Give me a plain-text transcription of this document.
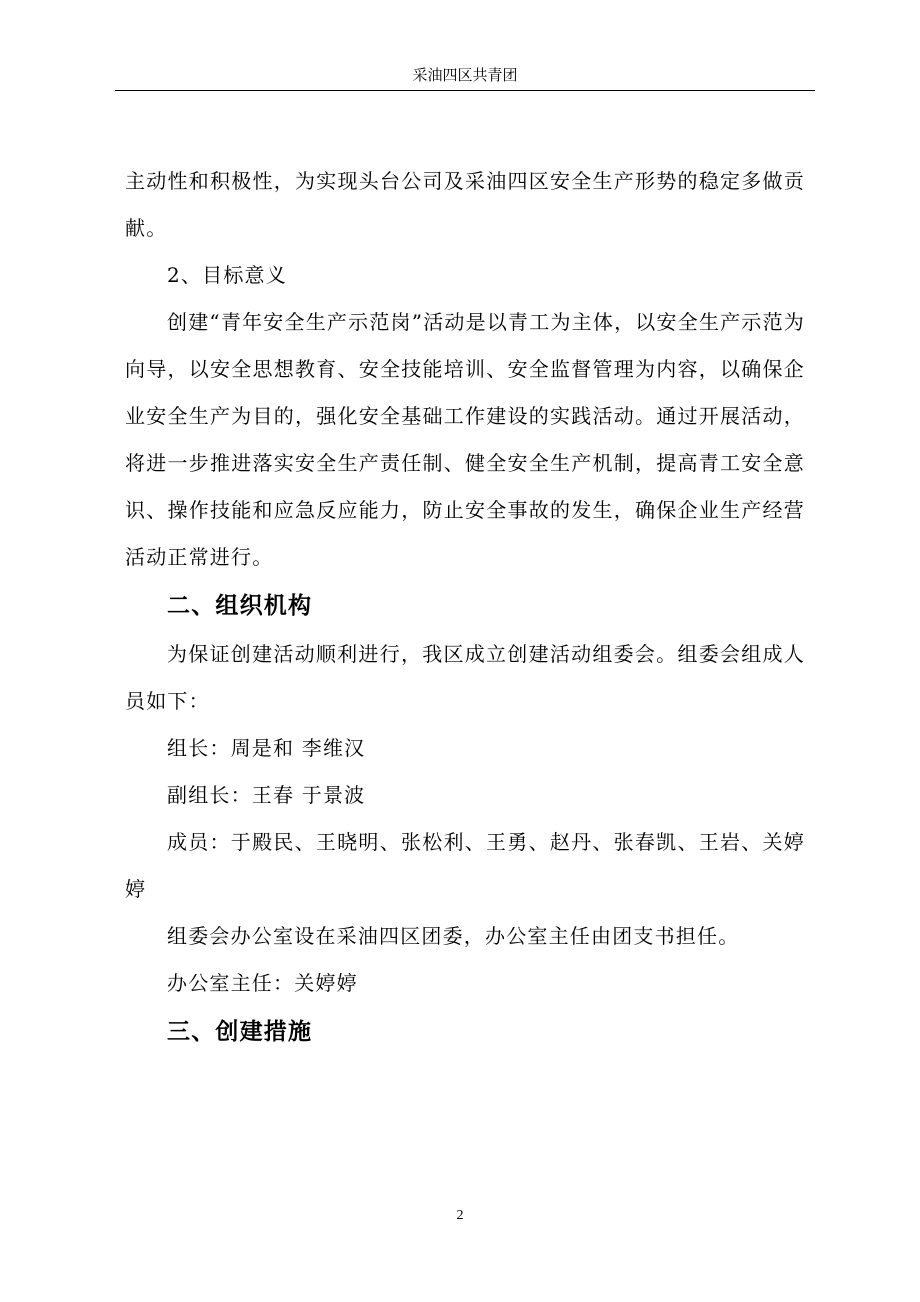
采油四区共青团

主动性和积极性，为实现头台公司及采油四区安全生产形势的稳定多做贡献。

2、目标意义

创建“青年安全生产示范岗”活动是以青工为主体，以安全生产示范为向导，以安全思想教育、安全技能培训、安全监督管理为内容，以确保企业安全生产为目的，强化安全基础工作建设的实践活动。通过开展活动，将进一步推进落实安全生产责任制、健全安全生产机制，提高青工安全意识、操作技能和应急反应能力，防止安全事故的发生，确保企业生产经营活动正常进行。

二、组织机构

为保证创建活动顺利进行，我区成立创建活动组委会。组委会组成人员如下：

组长：周是和 李维汉

副组长：王春 于景波

成员：于殿民、王晓明、张松利、王勇、赵丹、张春凯、王岩、关婷婷

组委会办公室设在采油四区团委，办公室主任由团支书担任。

办公室主任：关婷婷

三、创建措施

2
